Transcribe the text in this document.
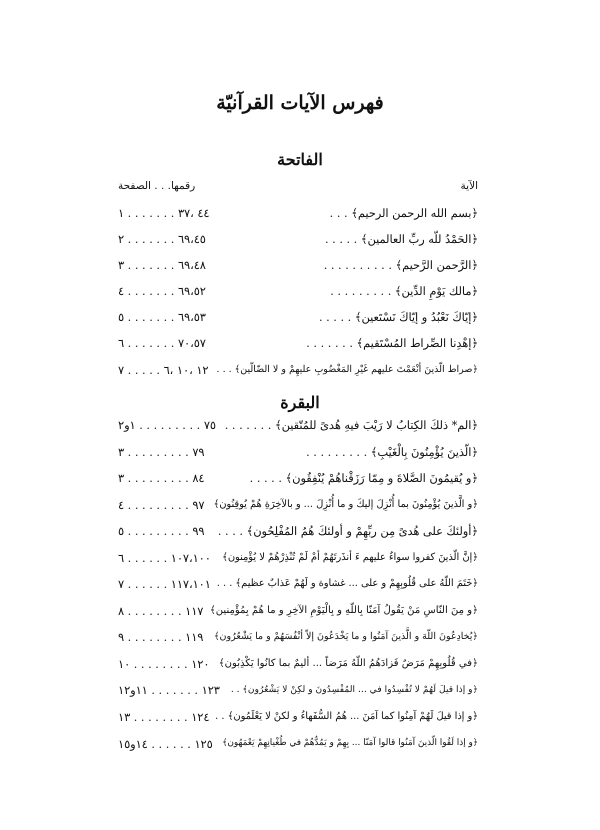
فهرس الآيات القرآنيّة
الفاتحة
الآية
رقمها. . . الصفحة
﴿بسم الله الرحمن الرحيم﴾ . . .
٤٤ ،٣٧ . . . . . . . ١
﴿الحَمْدُ للّه ربِّ العالمين﴾ . . . . .
٦٩،٤٥ . . . . . . . ٢
﴿الرَّحمن الرَّحيم﴾ . . . . . . . . . .
٦٩،٤٨ . . . . . . . ٣
﴿مالك يَوْمِ الدِّين﴾ . . . . . . . . .
٦٩،٥٢ . . . . . . . ٤
﴿إيّاكَ نَعْبُدُ و إيّاكَ نَسْتَعين﴾ . . . . .
٦٩،٥٣ . . . . . . . ٥
﴿إهْدِنا الصِّراط المُسْتَقيم﴾ . . . . . . .
٧٠،٥٧ . . . . . . . ٦
﴿صراط الّذينَ أنْعَمْتَ عليهم غَيْرِ المَغْضُوبِ عليهِمْ و لا الضّالّين﴾ . . .
١٢ ،١٠ ،٦ . . . . . ٧
البقرة
﴿الم* ذلكَ الكِتابُ لا رَيْبَ فيهِ هُدىً للمُتّقين﴾ . . . . . . .
٧٥ . . . . . . . . . ١و٢
﴿الّذينَ يُؤْمِنُونَ بِالْغَيْبِ﴾ . . . . . . . . .
٧٩ . . . . . . . . . ٣
﴿و يُقيمُونَ الصَّلاةَ و مِمّا رَزَقْناهُمْ يُنْفِقُون﴾ . . . . .
٨٤ . . . . . . . . . ٣
﴿و الَّذينَ يُؤْمِنُونَ بما أُنْزِلَ إليكَ و ما أُنْزِلَ ... و بالآخِرَةِ هُمْ يُوقِنُون﴾
٩٧ . . . . . . . . . ٤
﴿أولئكَ على هُدىً مِن ربِّهِمْ و أولئكَ هُمُ المُفْلِحُون﴾ . . . .
٩٩ . . . . . . . . . ٥
﴿إنَّ الّذينَ كفروا سواءٌ عليهم ءَ أنذَرتَهُمْ أمْ لَمْ تُنْذِرْهُمْ لا يُؤْمِنون﴾
١٠٧،١٠٠ . . . . . . ٦
﴿خَتَمَ اللّهُ على قُلُوبِهِمْ و على ... غشاوة و لَهُمْ عَذابٌ عظيم﴾ . . .
١١٧،١٠١ . . . . . . ٧
﴿و مِنَ النّاسِ مَنْ يَقُولُ آمَنّا بِاللّهِ و بِالْيَوْمِ الآخِرِ و ما هُمْ بِمُؤْمِنين﴾
١١٧ . . . . . . . . ٨
﴿يُخادِعُونَ اللّهَ و الَّذينَ آمَنُوا و ما يَخْدَعُونَ إلاّ أنْفُسَهُمْ و ما يَشْعُرُون﴾
١١٩ . . . . . . . . ٩
﴿في قُلُوبِهِمْ مَرَضٌ فَزادَهُمُ اللّهُ مَرَضاً ... أليمٌ بما كانُوا يَكْذِبُون﴾
١٢٠ . . . . . . . . ١٠
﴿و إذا قيلَ لَهُمْ لا تُفْسِدُوا في ... المُفْسِدُونَ و لكِنْ لا يَشْعُرُون﴾ . .
١٢٣ . . . . . . . ١١و١٢
﴿و إذا قيلَ لَهُمْ آمِنُوا كما آمَنَ ... هُمُ السُّفَهاءُ و لكنْ لا يَعْلَمُون﴾ . .
١٢٤ . . . . . . . . ١٣
﴿و إذا لَقُوا الّذينَ آمَنُوا قالوا آمَنّا ... بِهِمْ و يَمُدُّهُمْ في طُغْيانِهِمْ يَعْمَهُون﴾
١٢٥ . . . . . . ١٤و١٥
